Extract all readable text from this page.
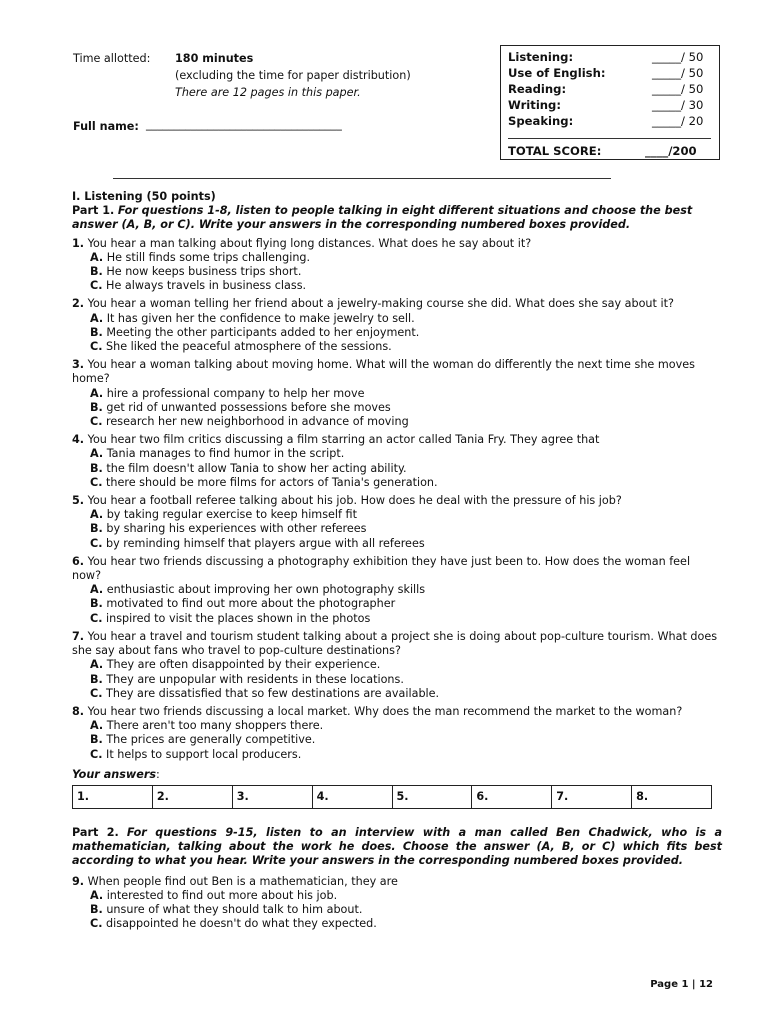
Time allotted: 180 minutes
(excluding the time for paper distribution)
There are 12 pages in this paper.
Full name: ___________________________________
Listening:	_____/ 50
Use of English:	_____/ 50
Reading:	_____/ 50
Writing:	_____/ 30
Speaking:	_____/ 20
TOTAL SCORE:	____/200
I. Listening (50 points)
Part 1. For questions 1-8, listen to people talking in eight different situations and choose the best answer (A, B, or C). Write your answers in the corresponding numbered boxes provided.
1. You hear a man talking about flying long distances. What does he say about it?
A. He still finds some trips challenging.
B. He now keeps business trips short.
C. He always travels in business class.
2. You hear a woman telling her friend about a jewelry-making course she did. What does she say about it?
A. It has given her the confidence to make jewelry to sell.
B. Meeting the other participants added to her enjoyment.
C. She liked the peaceful atmosphere of the sessions.
3. You hear a woman talking about moving home. What will the woman do differently the next time she moves home?
A. hire a professional company to help her move
B. get rid of unwanted possessions before she moves
C. research her new neighborhood in advance of moving
4. You hear two film critics discussing a film starring an actor called Tania Fry. They agree that
A. Tania manages to find humor in the script.
B. the film doesn't allow Tania to show her acting ability.
C. there should be more films for actors of Tania's generation.
5. You hear a football referee talking about his job. How does he deal with the pressure of his job?
A. by taking regular exercise to keep himself fit
B. by sharing his experiences with other referees
C. by reminding himself that players argue with all referees
6. You hear two friends discussing a photography exhibition they have just been to. How does the woman feel now?
A. enthusiastic about improving her own photography skills
B. motivated to find out more about the photographer
C. inspired to visit the places shown in the photos
7. You hear a travel and tourism student talking about a project she is doing about pop-culture tourism. What does she say about fans who travel to pop-culture destinations?
A. They are often disappointed by their experience.
B. They are unpopular with residents in these locations.
C. They are dissatisfied that so few destinations are available.
8. You hear two friends discussing a local market. Why does the man recommend the market to the woman?
A. There aren't too many shoppers there.
B. The prices are generally competitive.
C. It helps to support local producers.
Your answers:
1.	2.	3.	4.	5.	6.	7.	8.
Part 2. For questions 9-15, listen to an interview with a man called Ben Chadwick, who is a mathematician, talking about the work he does. Choose the answer (A, B, or C) which fits best according to what you hear. Write your answers in the corresponding numbered boxes provided.
9. When people find out Ben is a mathematician, they are
A. interested to find out more about his job.
B. unsure of what they should talk to him about.
C. disappointed he doesn't do what they expected.
Page 1 | 12
